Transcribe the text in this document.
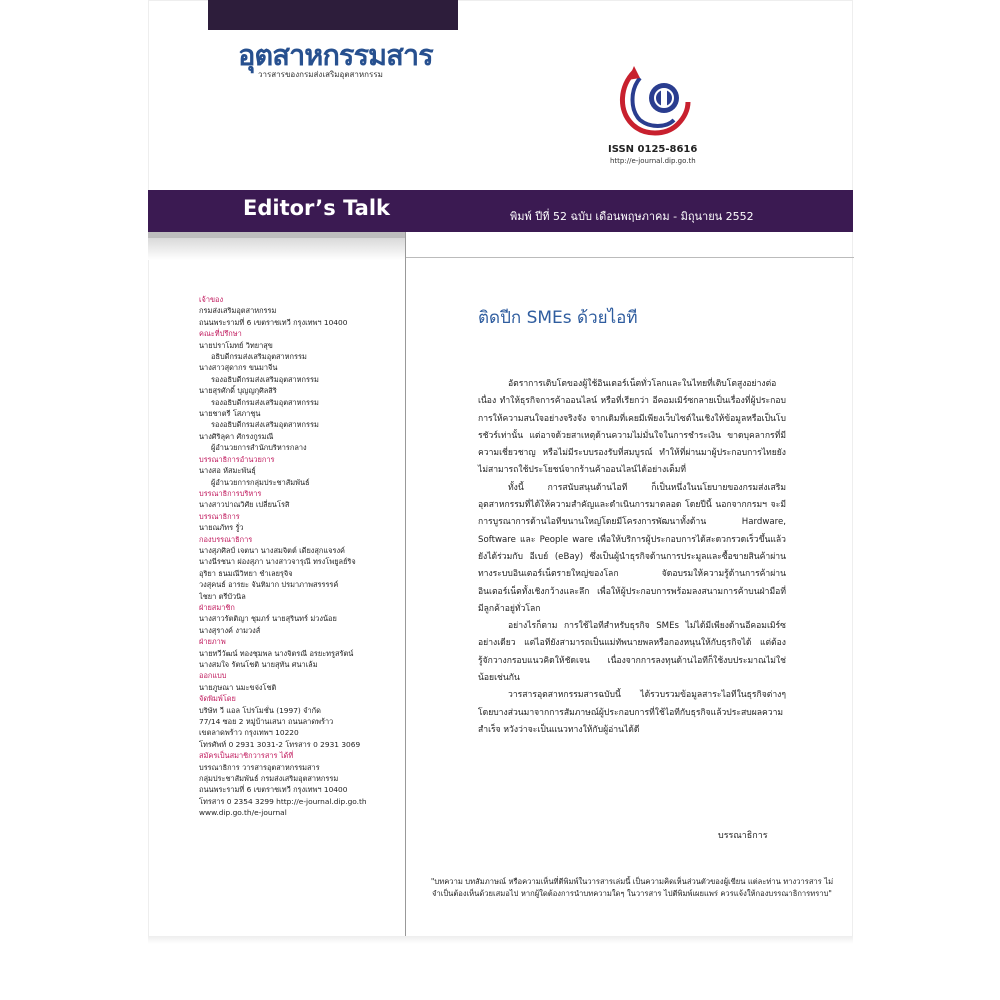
อุตสาหกรรมสาร
วารสารของกรมส่งเสริมอุตสาหกรรม
ISSN 0125-8616
http://e-journal.dip.go.th
Editor’s Talk	พิมพ์ ปีที่ 52 ฉบับ เดือนพฤษภาคม - มิถุนายน 2552
เจ้าของ
กรมส่งเสริมอุตสาหกรรม
ถนนพระรามที่ 6 เขตราชเทวี กรุงเทพฯ 10400
คณะที่ปรึกษา
นายปราโมทย์ วิทยาสุข
อธิบดีกรมส่งเสริมอุตสาหกรรม
นางสาวสุดากร ขนมาจีน
รองอธิบดีกรมส่งเสริมอุตสาหกรรม
นายสุรศักดิ์ บุญญกุศิลสิริ
รองอธิบดีกรมส่งเสริมอุตสาหกรรม
นายชาตรี โสภาชุน
รองอธิบดีกรมส่งเสริมอุตสาหกรรม
นางศิริลุคา ศักรงกูรมณี
ผู้อำนวยการสำนักบริหารกลาง
บรรณาธิการอำนวยการ
นางสอ หัสมะพันธุ์
ผู้อำนวยการกลุ่มประชาสัมพันธ์
บรรณาธิการบริหาร
นางสาวปาณวิศัย เปลี่ยนโรสิ
บรรณาธิการ
นายณภัทร รูั่ว
กองบรรณาธิการ
นางสุภศิลป์ เจตนา นางสมจิตต์ เดียงสุกแจรงค์
นางนีรชนา ผ่องสุภา นางสาวจารุณี ทรงโพยูลย์ริจ
อุริยา ธนมณีวิทยา ชำเลยรุจิจ
วงสุคนธ์ อารยะ จันทิมาก ปรมาภาพสรรรรค์
ไชยา ตรีบัวนิล
ฝ่ายสมาชิก
นางสาวรัตติญา ชุมภร์ นายสุรินทร์ ม่วงน้อย
นางสุรางค์ งามวงส์
ฝ่ายภาพ
นายทวีวัฒน์ ทองชุมพล นางจิตรณี อรยะทรูสรัตน์
นางสมใจ รัตนโชติ นายสุทัน ศนาเล้ม
ออกแบบ
นายภูษณา นมะขจ่งโชติ
จัดพิมพ์โดย
บริษัท วี แอล โปรโมชั่น (1997) จำกัด
77/14 ซอย 2 หมู่บ้านเสนา ถนนลาดพร้าว
เขตลาดพร้าว กรุงเทพฯ 10220
โทรศัพท์ 0 2931 3031-2 โทรสาร 0 2931 3069
สมัครเป็นสมาชิกวารสาร ได้ที่
บรรณาธิการ วารสารอุตสาหกรรมสาร
กลุ่มประชาสัมพันธ์ กรมส่งเสริมอุตสาหกรรม
ถนนพระรามที่ 6 เขตราชเทวี กรุงเทพฯ 10400
โทรสาร 0 2354 3299 http://e-journal.dip.go.th
www.dip.go.th/e-journal
ติดปีก SMEs ด้วยไอที

อัตราการเติบโตของผู้ใช้อินเตอร์เน็ตทั่วโลกและในไทยที่เติบโตสูงอย่างต่อเนื่อง ทำให้ธุรกิจการค้าออนไลน์ หรือที่เรียกว่า อีคอมเมิร์ซกลายเป็นเรื่องที่ผู้ประกอบการให้ความสนใจอย่างจริงจัง จากเดิมที่เคยมีเพียงเว็บไซต์ในเชิงให้ข้อมูลหรือเป็นโบรชัวร์เท่านั้น แต่อาจด้วยสาเหตุด้านความไม่มั่นใจในการชำระเงิน ขาดบุคลากรที่มีความเชี่ยวชาญ หรือไม่มีระบบรองรับที่สมบูรณ์ ทำให้ที่ผ่านมาผู้ประกอบการไทยยังไม่สามารถใช้ประโยชน์จากร้านค้าออนไลน์ได้อย่างเต็มที่

ทั้งนี้ การสนับสนุนด้านไอที ก็เป็นหนึ่งในนโยบายของกรมส่งเสริมอุตสาหกรรมที่ได้ให้ความสำคัญและดำเนินการมาตลอด โดยปีนี้ นอกจากกรมฯ จะมีการบูรณาการด้านไอทีขนานใหญ่โดยมีโครงการพัฒนาทั้งด้าน Hardware, Software และ People ware เพื่อให้บริการผู้ประกอบการได้สะดวกรวดเร็วขึ้นแล้ว ยังได้ร่วมกับ อีเบย์ (eBay) ซึ่งเป็นผู้นำธุรกิจด้านการประมูลและซื้อขายสินค้าผ่านทางระบบอินเตอร์เน็ตรายใหญ่ของโลก จัดอบรมให้ความรู้ด้านการค้าผ่านอินเตอร์เน็ตทั้งเชิงกว้างและลึก เพื่อให้ผู้ประกอบการพร้อมลงสนามการค้าบนฝ่ามือที่มีลูกค้าอยู่ทั่วโลก

อย่างไรก็ตาม การใช้ไอทีสำหรับธุรกิจ SMEs ไม่ได้มีเพียงด้านอีคอมเมิร์ซอย่างเดียว แต่ไอทียังสามารถเป็นแม่ทัพนายพลหรือกองหนุนให้กับธุรกิจได้ แต่ต้องรู้จักวางกรอบแนวคิดให้ชัดเจน เนื่องจากการลงทุนด้านไอทีก็ใช้งบประมาณไม่ใช่น้อยเช่นกัน

วารสารอุตสาหกรรมสารฉบับนี้ ได้รวบรวมข้อมูลสาระไอทีในธุรกิจต่างๆ โดยบางส่วนมาจากการสัมภาษณ์ผู้ประกอบการที่ใช้ไอทีกับธุรกิจแล้วประสบผลความสำเร็จ หวังว่าจะเป็นแนวทางให้กับผู้อ่านได้ดี

บรรณาธิการ
"บทความ บทสัมภาษณ์ หรือความเห็นที่ตีพิมพ์ในวารสารเล่มนี้ เป็นความคิดเห็นส่วนตัวของผู้เขียน แต่ละท่าน ทางวารสาร ไม่จำเป็นต้องเห็นด้วยเสมอไป หากผู้ใดต้องการนำบทความใดๆ ในวารสาร ไปตีพิมพ์เผยแพร่ ควรแจ้งให้กองบรรณาธิการทราบ"
